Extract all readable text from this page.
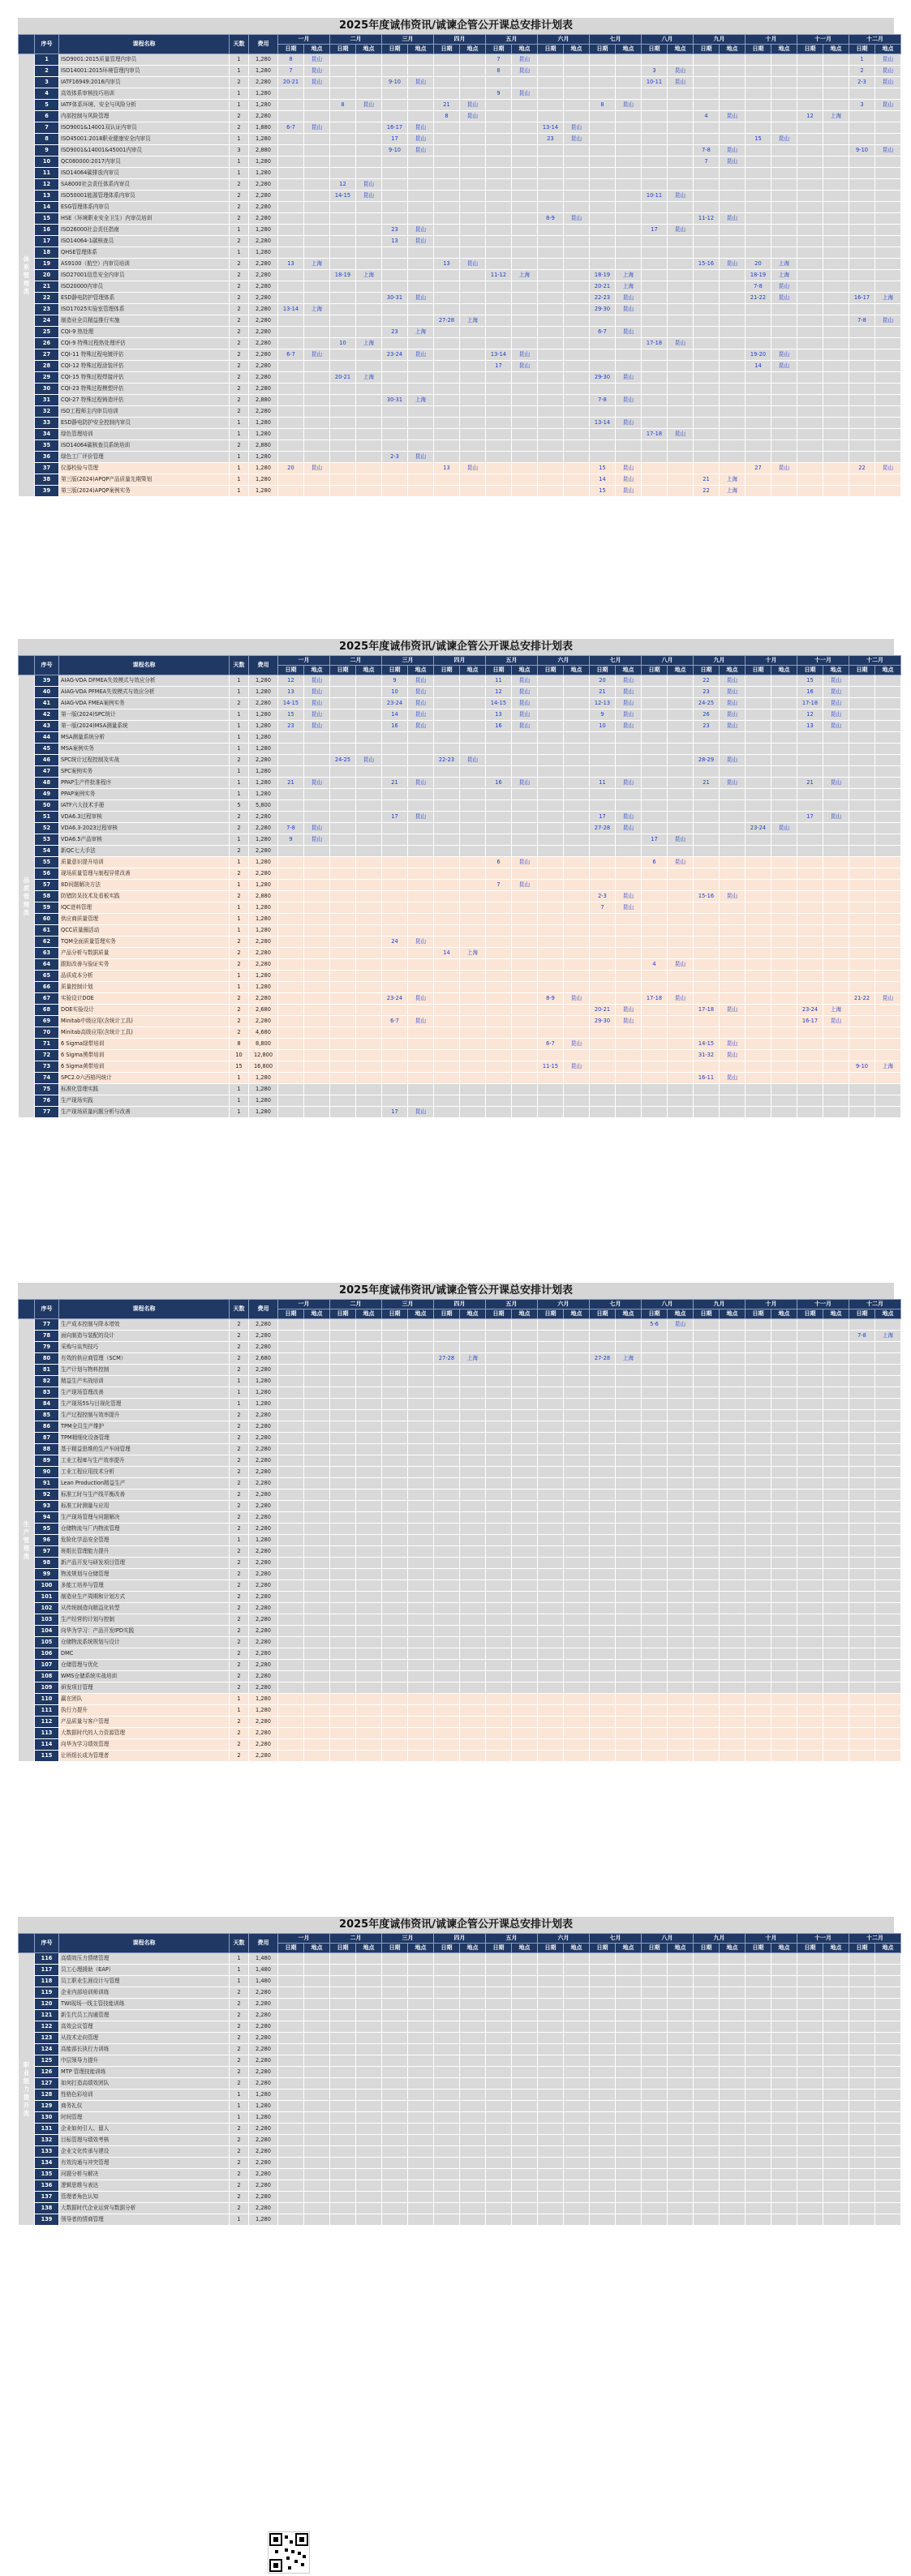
2025年度诚伟资讯/诚谏企管公开课总安排计划表
	序号	课程名称	天数	费用	一月		二月		三月		四月		五月		六月		七月		八月		九月		十月		十一月		十二月	
					日期	地点	日期	地点	日期	地点	日期	地点	日期	地点	日期	地点	日期	地点	日期	地点	日期	地点	日期	地点	日期	地点	日期	地点
体系管理类	1	ISO9001:2015质量管理内审员	1	1,280	8	昆山							7	昆山													1	昆山
	2	ISO14001:2015环境管理内审员	1	1,280	7	昆山							8	昆山					3	昆山							2	昆山
	3	IATF16949:2016内审员	2	2,280	20-21	昆山			9-10	昆山									10-11	昆山							2-3	昆山
	4	高效体系审核技巧培训	1	1,280									9	昆山														
	5	IATF体系环境、安全与风险分析	1	1,280			8	昆山			21	昆山					8	昆山									3	昆山
	6	内部控制与风险管理	2	2,280							8	昆山									4	昆山			12	上海		
	7	ISO9001&14001双认证内审员	2	1,880	6-7	昆山			16-17	昆山					13-14	昆山												
	8	ISO45001:2018职业健康安全内审员	1	1,280					17	昆山					23	昆山							15	昆山				
	9	ISO9001&14001&45001内审员	3	2,880					9-10	昆山											7-8	昆山					9-10	昆山
	10	QC080000:2017内审员	1	1,280																	7	昆山						
	11	ISO14064碳排放内审员	1	1,280																								
	12	SA8000社会责任体系内审员	2	2,280			12	昆山																				
	13	ISO50001能源管理体系内审员	2	2,280			14-15	昆山											10-11	昆山								
	14	ESG管理体系内审员	2	2,280																								
	15	HSE（环境职业安全卫生）内审员培训	2	2,280											8-9	昆山					11-12	昆山						
	16	ISO26000社会责任指南	1	1,280					23	昆山									17	昆山								
	17	ISO14064-1碳核查员	2	2,280					13	昆山																		
	18	QHSE管理体系	1	1,280																								
	19	AS9100（航空）内审员培训	2	2,280	13	上海					13	昆山									15-16	昆山	20	上海				
	20	ISO27001信息安全内审员	2	2,280			18-19	上海					11-12	上海			18-19	上海					18-19	上海				
	21	ISO20000内审员	2	2,280													20-21	上海					7-8	昆山				
	22	ESD静电防护管理体系	2	2,280					30-31	昆山							22-23	昆山					21-22	昆山			16-17	上海
	23	ISO17025实验室管理体系	2	2,280	13-14	上海											29-30	昆山										
	24	制造业全员精益推行实施	2	2,280							27-28	上海															7-8	昆山
	25	CQI-9 热处理	2	2,280					23	上海							6-7	昆山										
	26	CQI-9 特殊过程热处理评估	2	2,280			10	上海											17-18	昆山								
	27	CQI-11 特殊过程电镀评估	2	2,280	6-7	昆山			23-24	昆山			13-14	昆山									19-20	昆山				
	28	CQI-12 特殊过程涂装评估	2	2,280									17	昆山									14	昆山				
	29	CQI-15 特殊过程焊接评估	2	2,280			20-21	上海									29-30	昆山										
	30	CQI-23 特殊过程模塑评估	2	2,280																								
	31	CQI-27 特殊过程铸造评估	2	2,880					30-31	上海							7-8	昆山										
	32	ISO工程师主内审员培训	2	2,280																								
	33	ESD静电防护安全控制内审员	1	1,280													13-14	昆山										
	34	绿色管理培训	1	1,280															17-18	昆山								
	35	ISO14064碳核查员系统培训	2	2,880																								
	36	绿色工厂评价管理	1	1,280					2-3	昆山																		
	37	仪器校验与管理	1	1,280	20	昆山					13	昆山					15	昆山					27	昆山			22	昆山
	38	第三版(2024)APQP产品质量先期策划	1	1,280													14	昆山			21	上海						
	39	第三版(2024)APQP案例实务	1	1,280													15	昆山			22	上海						
2025年度诚伟资讯/诚谏企管公开课总安排计划表
	序号	课程名称	天数	费用	一月		二月		三月		四月		五月		六月		七月		八月		九月		十月		十一月		十二月	
					日期	地点	日期	地点	日期	地点	日期	地点	日期	地点	日期	地点	日期	地点	日期	地点	日期	地点	日期	地点	日期	地点	日期	地点
品质管理类	39	AIAG-VDA DFMEA失效模式与效应分析	1	1,280	12	昆山			9	昆山			11	昆山			20	昆山			22	昆山			15	昆山		
	40	AIAG-VDA PFMEA失效模式与效应分析	1	1,280	13	昆山			10	昆山			12	昆山			21	昆山			23	昆山			16	昆山		
	41	AIAG-VDA FMEA案例实务	2	2,280	14-15	昆山			23-24	昆山			14-15	昆山			12-13	昆山			24-25	昆山			17-18	昆山		
	42	第一版(2024)SPC统计	1	1,280	15	昆山			14	昆山			13	昆山			9	昆山			26	昆山			12	昆山		
	43	第一版(2024)MSA测量系统	1	1,280	23	昆山			16	昆山			16	昆山			10	昆山			23	昆山			13	昆山		
	44	MSA测量系统分析	1	1,280																								
	45	MSA案例实务	1	1,280																								
	46	SPC统计过程控制及实战	2	2,280			24-25	昆山			22-23	昆山									28-29	昆山						
	47	SPC案例实务	1	1,280																								
	48	PPAP生产件批准程序	1	1,280	21	昆山			21	昆山			16	昆山			11	昆山			21	昆山			21	昆山		
	49	PPAP案例实务	1	1,280																								
	50	IATF六大技术手册	5	5,800																								
	51	VDA6.3过程审核	2	2,280					17	昆山							17	昆山							17	昆山		
	52	VDA6.3-2023过程审核	2	2,280	7-8	昆山											27-28	昆山					23-24	昆山				
	53	VDA6.5产品审核	1	1,280	9	昆山													17	昆山								
	54	新QC七大手法	2	2,280																								
	55	质量意识提升培训	1	1,280									6	昆山					6	昆山								
	56	现场质量管理与制程异常改善	2	2,280																								
	57	8D问题解决方法	1	1,280									7	昆山														
	58	防错防呆技术及看板实践	2	2,880													2-3	昆山			15-16	昆山						
	59	IQC进料管理	1	1,280													7	昆山										
	60	供应商质量管理	1	1,280																								
	61	QCC质量圈活动	1	1,280																								
	62	TQM全面质量管理实务	2	2,280					24	昆山																		
	63	产品分析与数据质量	2	2,280							14	上海																
	64	跟踪改善与验证实务	2	2,280															4	昆山								
	65	品质成本分析	1	1,280																								
	66	质量控制计划	1	1,280																								
	67	实验设计DOE	2	2,280					23-24	昆山					8-9	昆山			17-18	昆山							21-22	昆山
	68	DOE实验设计	2	2,680													20-21	昆山			17-18	昆山			23-24	上海		
	69	Minitab中级应用(含统计工具)	2	2,280					6-7	昆山							29-30	昆山							16-17	昆山		
	70	Minitab高级应用(含统计工具)	2	4,680																								
	71	6 Sigma绿带培训	8	8,800											6-7	昆山					14-15	昆山						
	72	6 Sigma黑带培训	10	12,800																	31-32	昆山						
	73	6 Sigma黄带培训	15	16,800											11-15	昆山											9-10	上海
	74	SPC2.0六西格玛统计	1	1,280																	16-11	昆山						
	75	标准化管理实践	1	1,280																								
	76	生产现场实践	1	1,280																								
	77	生产现场质量问题分析与改善	1	1,280					17	昆山																		
2025年度诚伟资讯/诚谏企管公开课总安排计划表
	序号	课程名称	天数	费用	一月		二月		三月		四月		五月		六月		七月		八月		九月		十月		十一月		十二月	
					日期	地点	日期	地点	日期	地点	日期	地点	日期	地点	日期	地点	日期	地点	日期	地点	日期	地点	日期	地点	日期	地点	日期	地点
生产管理类	77	生产成本控制与降本增效	2	2,280															5-6	昆山								
	78	面向制造与装配的设计	2	2,280																							7-8	上海
	79	采购与谈判技巧	2	2,280																								
	80	有效的供应商管理（SCM）	2	2,680							27-28	上海					27-28	上海										
	81	生产计划与物料控制	2	2,280																								
	82	精益生产实战培训	1	1,280																								
	83	生产现场管理改善	1	1,280																								
	84	生产现场5S与目视化管理	1	1,280																								
	85	生产过程控制与效率提升	2	2,280																								
	86	TPM全员生产维护	2	2,280																								
	87	TPM精细化设备管理	2	2,280																								
	88	基于精益思维的生产车间管理	2	2,280																								
	89	工业工程IE与生产效率提升	2	2,280																								
	90	工业工程应用技术分析	2	2,280																								
	91	Lean Production精益生产	2	2,280																								
	92	标准工时与生产线平衡改善	2	2,280																								
	93	标准工时测量与应用	2	2,280																								
	94	生产现场管理与问题解决	2	2,280																								
	95	仓储物流与厂内物流管理	2	2,280																								
	96	危险化学品安全管理	1	1,280																								
	97	班组长管理能力提升	2	2,280																								
	98	新产品开发与研发项目管理	2	2,280																								
	99	物流规划与仓储管理	2	2,280																								
	100	多能工培养与管理	2	2,280																								
	101	制造业生产周期和计划方式	2	2,280																								
	102	从传统制造向精益化转型	2	2,280																								
	103	生产经营的计划与控制	2	2,280																								
	104	向华为学习：产品开发IPD实践	2	2,280																								
	105	仓储物流系统规划与设计	2	2,280																								
	106	DMC	2	2,280																								
	107	仓储管理与优化	2	2,280																								
	108	WMS仓储系统实战培训	2	2,280																								
	109	研发项目管理	2	2,280																								
	110	赢在团队	1	1,280																								
	111	执行力提升	1	1,280																								
	112	产品质量与客户管理	2	2,280																								
	113	大数据时代的人力资源管理	2	2,280																								
	114	向华为学习绩效管理	2	2,280																								
	115	让班组长成为管理者	2	2,280																								
2025年度诚伟资讯/诚谏企管公开课总安排计划表
	序号	课程名称	天数	费用	一月		二月		三月		四月		五月		六月		七月		八月		九月		十月		十一月		十二月	
					日期	地点	日期	地点	日期	地点	日期	地点	日期	地点	日期	地点	日期	地点	日期	地点	日期	地点	日期	地点	日期	地点	日期	地点
职业能力提升类	116	高绩效压力情绪管理	1	1,480																								
	117	员工心理援助（EAP）	1	1,480																								
	118	员工职业生涯设计与管理	1	1,480																								
	119	企业内部培训师训练	2	2,280																								
	120	TWI现场一线主管技能训练	2	2,280																								
	121	新生代员工沟通管理	2	2,280																								
	122	高效会议管理	2	2,280																								
	123	从技术走向管理	2	2,280																								
	124	高能部长执行力训练	2	2,280																								
	125	中层领导力提升	2	2,280																								
	126	MTP 管理技能训练	2	2,280																								
	127	如何打造高绩效团队	2	2,280																								
	128	性格色彩培训	1	1,280																								
	129	商务礼仪	1	1,280																								
	130	时间管理	1	1,280																								
	131	企业如何引人、留人	2	2,280																								
	132	目标管理与绩效考核	2	2,280																								
	133	企业文化传承与建设	2	2,280																								
	134	有效沟通与冲突管理	2	2,280																								
	135	问题分析与解决	2	2,280																								
	136	逻辑思维与表达	2	2,280																								
	137	管理者角色认知	2	2,280																								
	138	大数据时代企业运营与数据分析	2	2,280																								
	139	领导者的情商管理	1	1,280																								
